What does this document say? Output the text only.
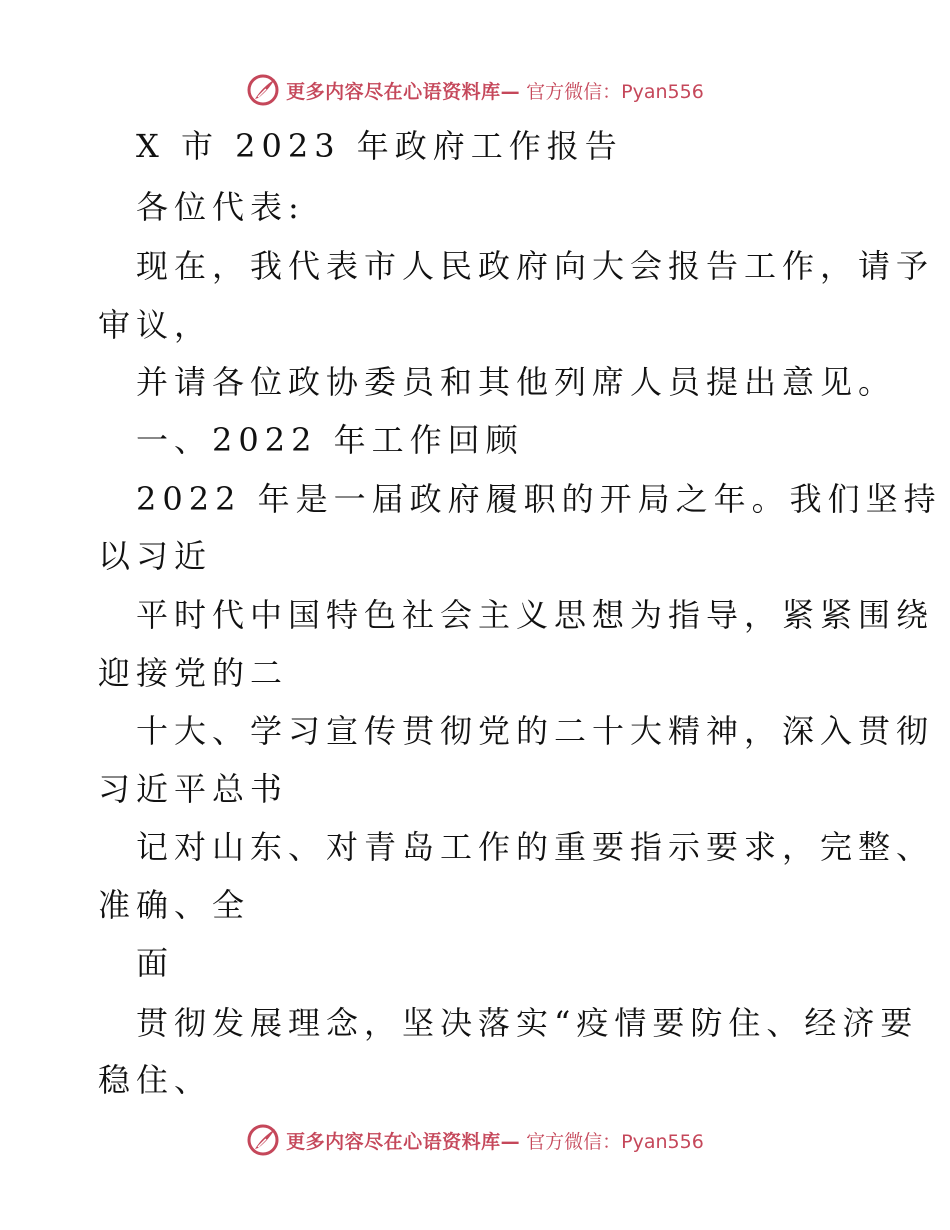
更多内容尽在心语资料库— 官方微信：Pyan556
X 市 2023 年政府工作报告
各位代表:
现在，我代表市人民政府向大会报告工作，请予
审议，
并请各位政协委员和其他列席人员提出意见。
一、2022 年工作回顾
2022 年是一届政府履职的开局之年。我们坚持
以习近
平时代中国特色社会主义思想为指导，紧紧围绕
迎接党的二
十大、学习宣传贯彻党的二十大精神，深入贯彻
习近平总书
记对山东、对青岛工作的重要指示要求，完整、
准确、全
面
贯彻发展理念，坚决落实“疫情要防住、经济要
稳住、
更多内容尽在心语资料库— 官方微信：Pyan556
